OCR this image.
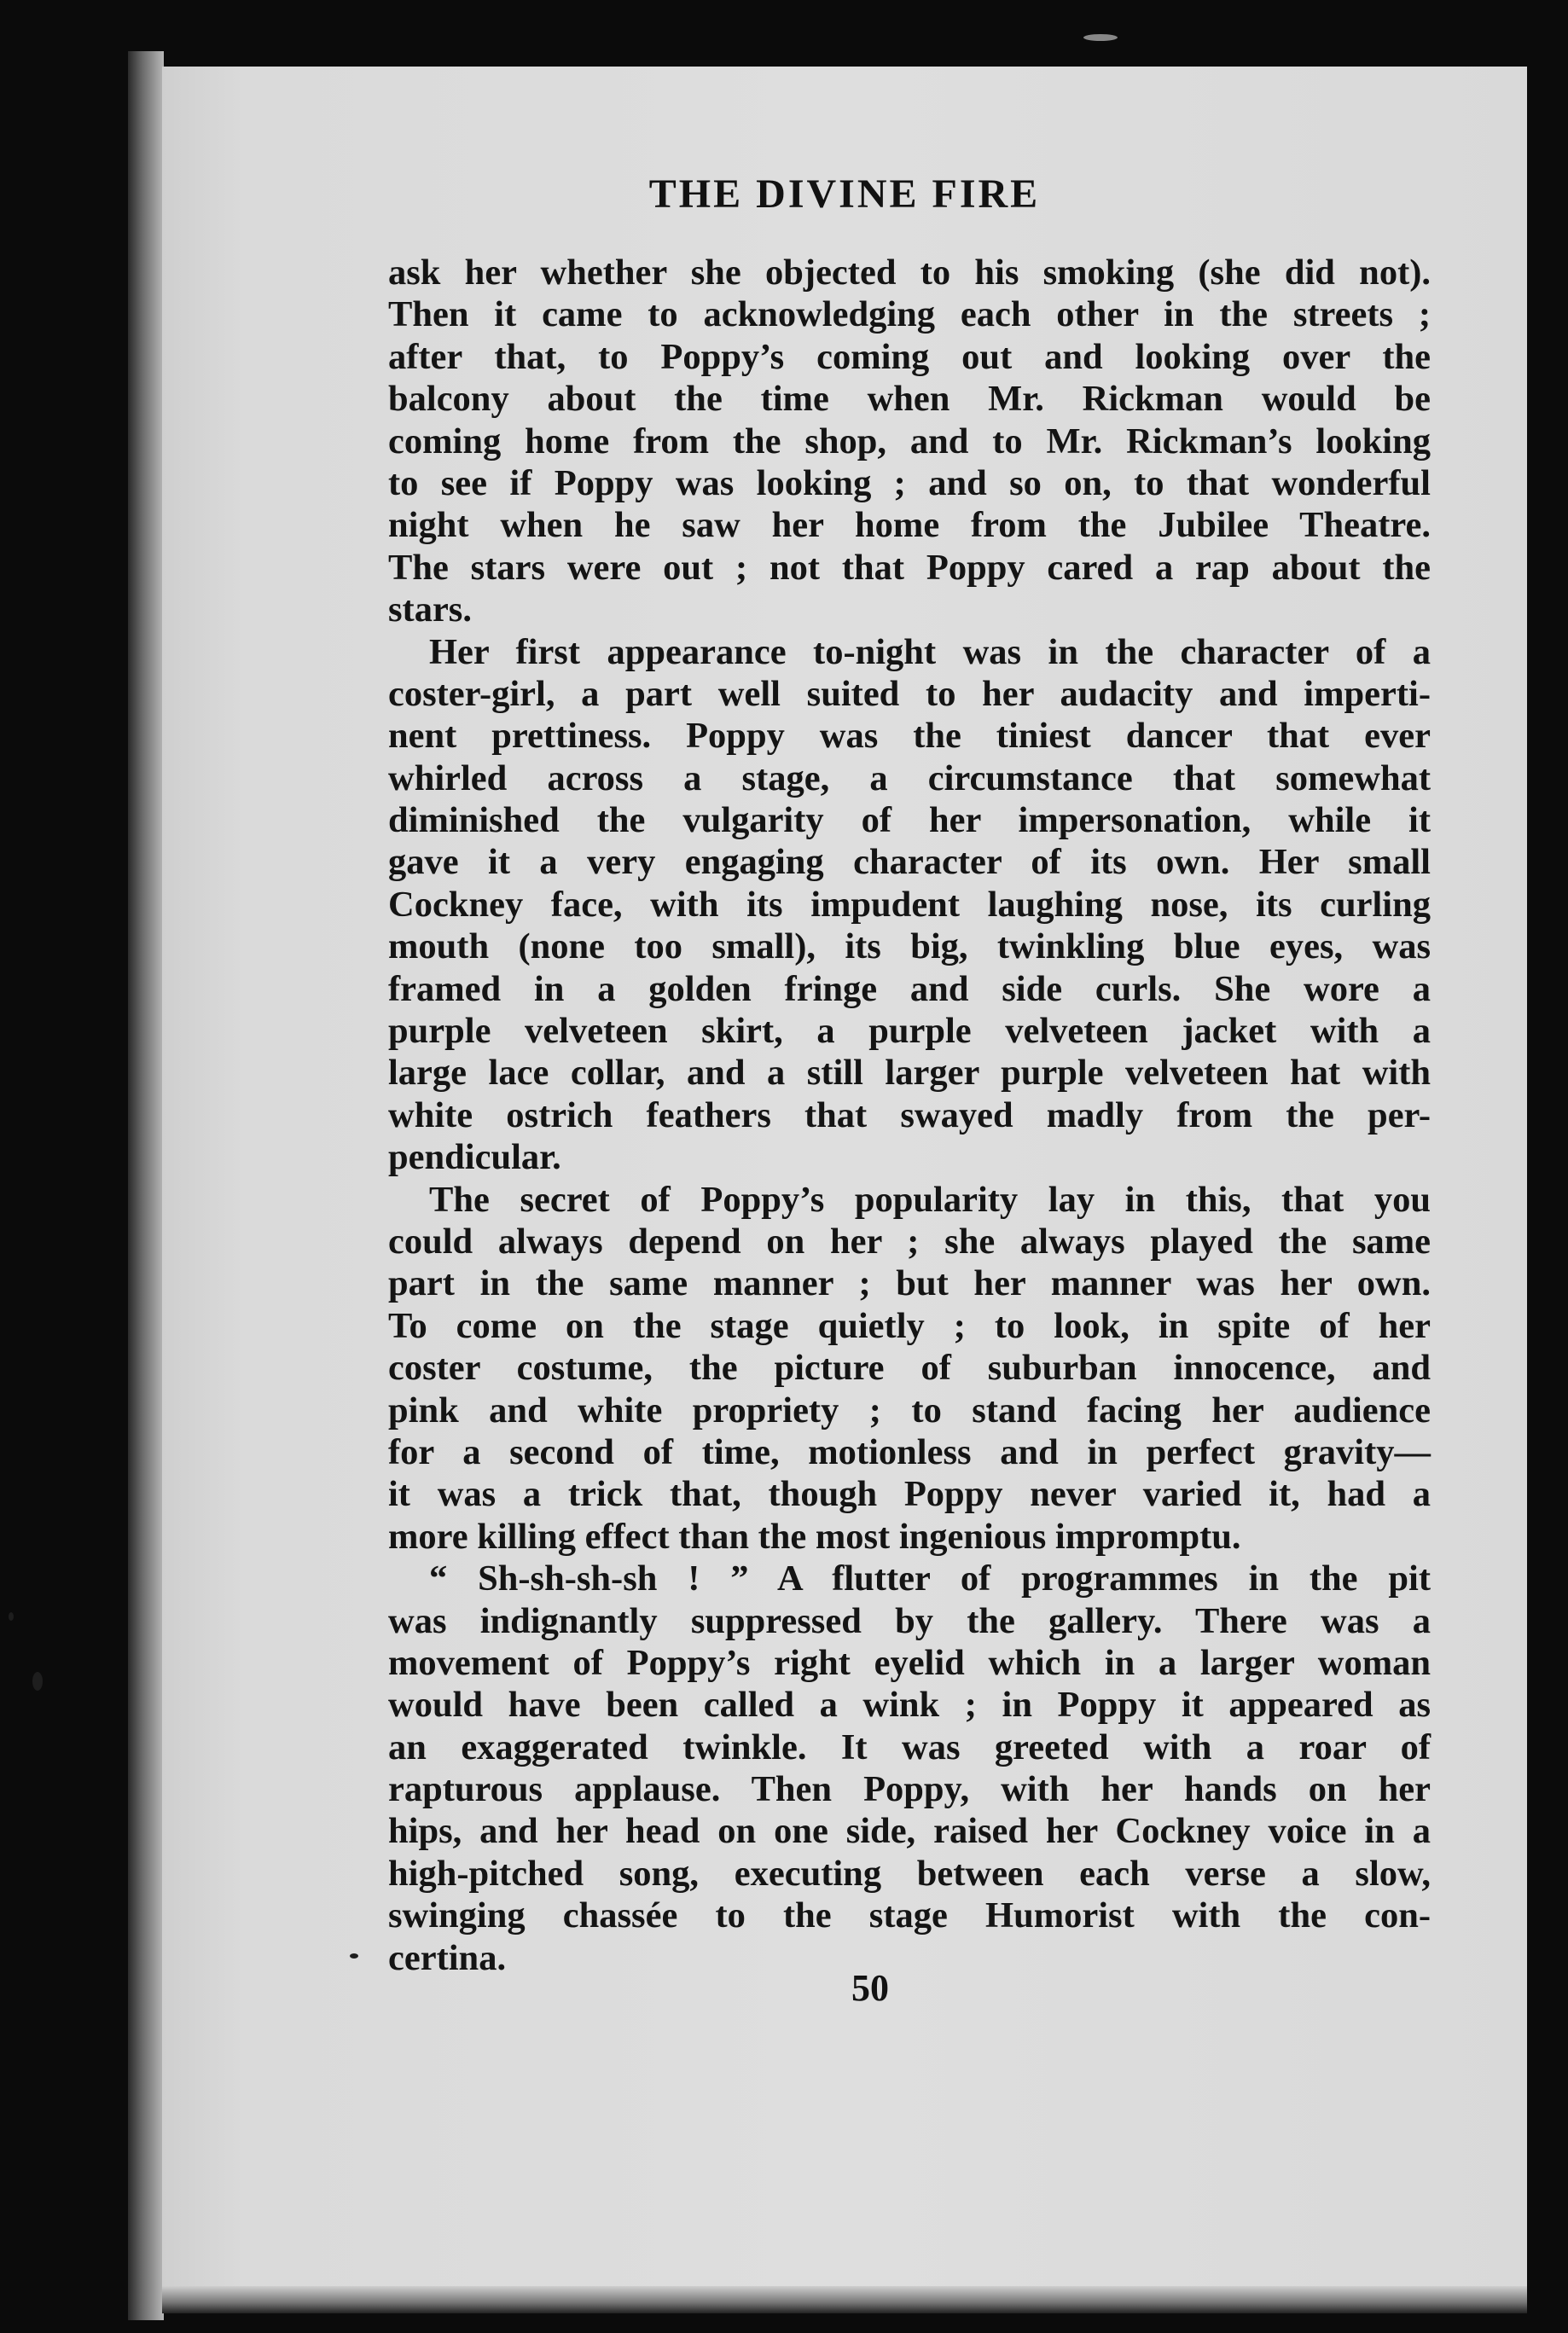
THE DIVINE FIRE
ask her whether she objected to his smoking (she did not).
Then it came to acknowledging each other in the streets ;
after that, to Poppy’s coming out and looking over the
balcony about the time when Mr. Rickman would be
coming home from the shop, and to Mr. Rickman’s looking
to see if Poppy was looking ; and so on, to that wonderful
night when he saw her home from the Jubilee Theatre.
The stars were out ; not that Poppy cared a rap about the
stars.
Her first appearance to-night was in the character of a
coster-girl, a part well suited to her audacity and imperti-
nent prettiness. Poppy was the tiniest dancer that ever
whirled across a stage, a circumstance that somewhat
diminished the vulgarity of her impersonation, while it
gave it a very engaging character of its own. Her small
Cockney face, with its impudent laughing nose, its curling
mouth (none too small), its big, twinkling blue eyes, was
framed in a golden fringe and side curls. She wore a
purple velveteen skirt, a purple velveteen jacket with a
large lace collar, and a still larger purple velveteen hat with
white ostrich feathers that swayed madly from the per-
pendicular.
The secret of Poppy’s popularity lay in this, that you
could always depend on her ; she always played the same
part in the same manner ; but her manner was her own.
To come on the stage quietly ; to look, in spite of her
coster costume, the picture of suburban innocence, and
pink and white propriety ; to stand facing her audience
for a second of time, motionless and in perfect gravity—
it was a trick that, though Poppy never varied it, had a
more killing effect than the most ingenious impromptu.
“ Sh-sh-sh-sh ! ” A flutter of programmes in the pit
was indignantly suppressed by the gallery. There was a
movement of Poppy’s right eyelid which in a larger woman
would have been called a wink ; in Poppy it appeared as
an exaggerated twinkle. It was greeted with a roar of
rapturous applause. Then Poppy, with her hands on her
hips, and her head on one side, raised her Cockney voice in a
high-pitched song, executing between each verse a slow,
swinging chassée to the stage Humorist with the con-
certina.
50
